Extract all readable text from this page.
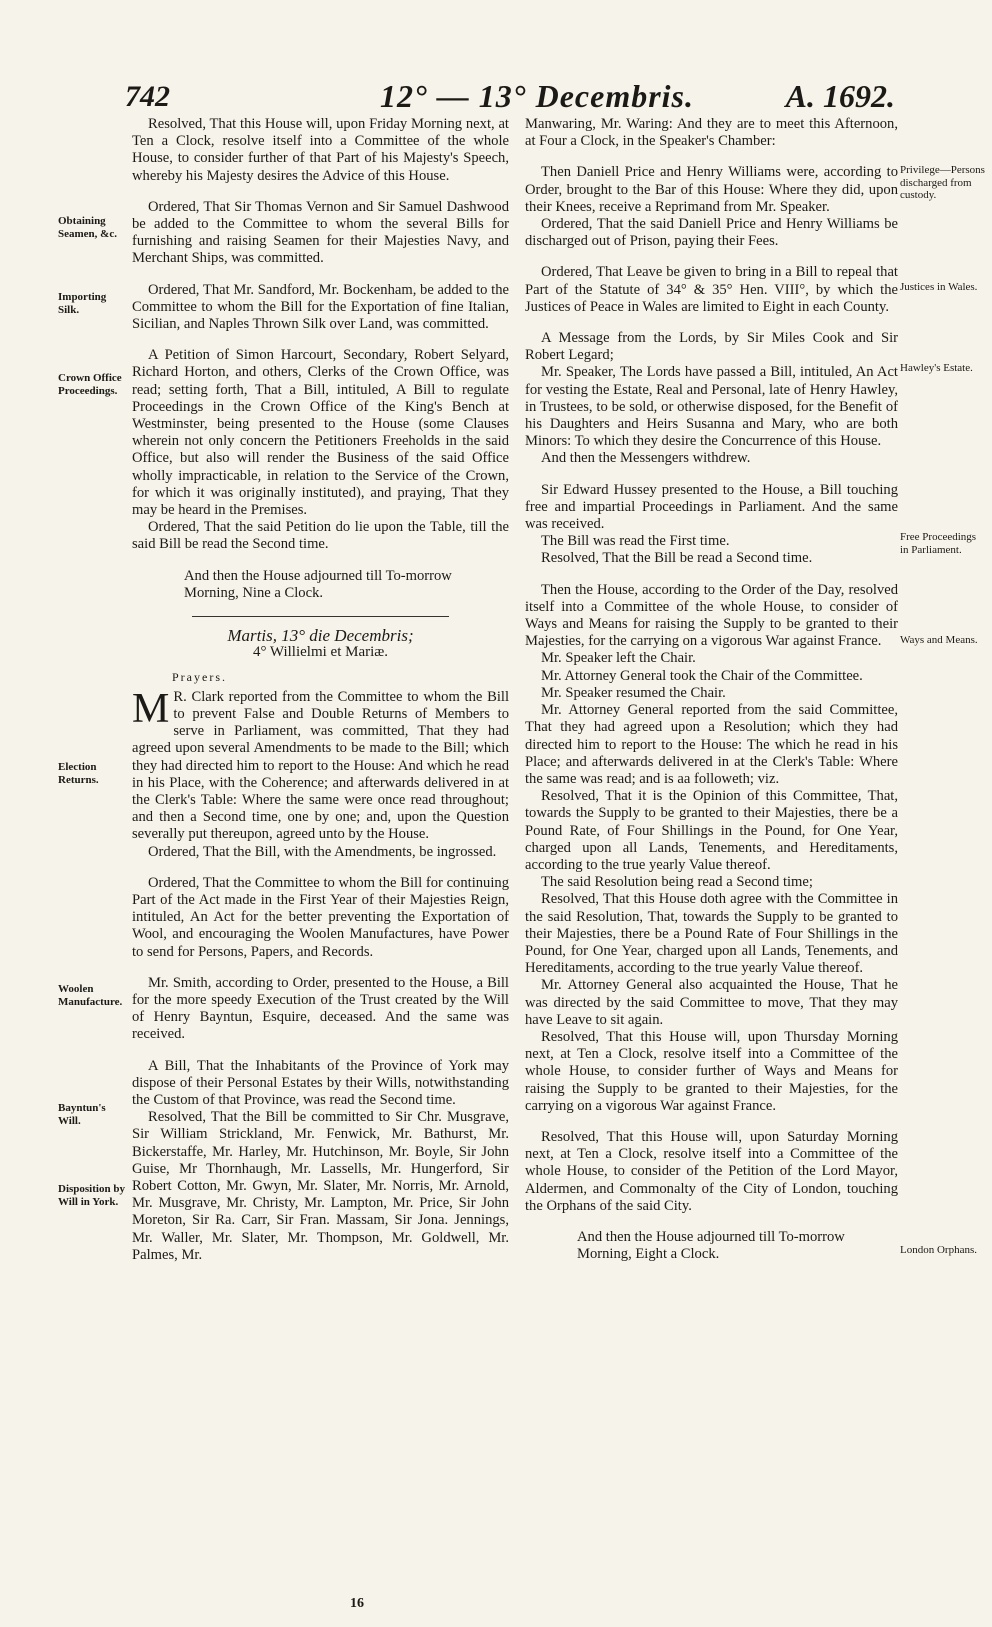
742	12° — 13° Decembris.	A. 1692.

Resolved, That this House will, upon Friday Morning next, at Ten a Clock, resolve itself into a Committee of the whole House, to consider further of that Part of his Majesty's Speech, whereby his Majesty desires the Advice of this House.

Ordered, That Sir Thomas Vernon and Sir Samuel Dashwood be added to the Committee to whom the several Bills for furnishing and raising Seamen for their Majesties Navy, and Merchant Ships, was committed.

Ordered, That Mr. Sandford, Mr. Bockenham, be added to the Committee to whom the Bill for the Exportation of fine Italian, Sicilian, and Naples Thrown Silk over Land, was committed.

A Petition of Simon Harcourt, Secondary, Robert Selyard, Richard Horton, and others, Clerks of the Crown Office, was read; setting forth, That a Bill, intituled, A Bill to regulate Proceedings in the Crown Office of the King's Bench at Westminster, being presented to the House (some Clauses wherein not only concern the Petitioners Freeholds in the said Office, but also will render the Business of the said Office wholly impracticable, in relation to the Service of the Crown, for which it was originally instituted), and praying, That they may be heard in the Premises.

Ordered, That the said Petition do lie upon the Table, till the said Bill be read the Second time.

And then the House adjourned till To-morrow Morning, Nine a Clock.

Martis, 13° die Decembris;
4° Willielmi et Mariæ.
Prayers.

M R. Clark reported from the Committee to whom the Bill to prevent False and Double Returns of Members to serve in Parliament, was committed, That they had agreed upon several Amendments to be made to the Bill; which they had directed him to report to the House: And which he read in his Place, with the Coherence; and afterwards delivered in at the Clerk's Table: Where the same were once read throughout; and then a Second time, one by one; and, upon the Question severally put thereupon, agreed unto by the House.

Ordered, That the Bill, with the Amendments, be ingrossed.

Ordered, That the Committee to whom the Bill for continuing Part of the Act made in the First Year of their Majesties Reign, intituled, An Act for the better preventing the Exportation of Wool, and encouraging the Woolen Manufactures, have Power to send for Persons, Papers, and Records.

Mr. Smith, according to Order, presented to the House, a Bill for the more speedy Execution of the Trust created by the Will of Henry Bayntun, Esquire, deceased. And the same was received.

A Bill, That the Inhabitants of the Province of York may dispose of their Personal Estates by their Wills, notwithstanding the Custom of that Province, was read the Second time.

Resolved, That the Bill be committed to Sir Chr. Musgrave, Sir William Strickland, Mr. Fenwick, Mr. Bathurst, Mr. Bickerstaffe, Mr. Harley, Mr. Hutchinson, Mr. Boyle, Sir John Guise, Mr Thornhaugh, Mr. Lassells, Mr. Hungerford, Sir Robert Cotton, Mr. Gwyn, Mr. Slater, Mr. Norris, Mr. Arnold, Mr. Musgrave, Mr. Christy, Mr. Lampton, Mr. Price, Sir John Moreton, Sir Ra. Carr, Sir Fran. Massam, Sir Jona. Jennings, Mr. Waller, Mr. Slater, Mr. Thompson, Mr. Goldwell, Mr. Palmes, Mr.

Manwaring, Mr. Waring: And they are to meet this Afternoon, at Four a Clock, in the Speaker's Chamber:

Then Daniell Price and Henry Williams were, according to Order, brought to the Bar of this House: Where they did, upon their Knees, receive a Reprimand from Mr. Speaker.

Ordered, That the said Daniell Price and Henry Williams be discharged out of Prison, paying their Fees.

Ordered, That Leave be given to bring in a Bill to repeal that Part of the Statute of 34° & 35° Hen. VIII°, by which the Justices of Peace in Wales are limited to Eight in each County.

A Message from the Lords, by Sir Miles Cook and Sir Robert Legard;

Mr. Speaker, The Lords have passed a Bill, intituled, An Act for vesting the Estate, Real and Personal, late of Henry Hawley, in Trustees, to be sold, or otherwise disposed, for the Benefit of his Daughters and Heirs Susanna and Mary, who are both Minors: To which they desire the Concurrence of this House.

And then the Messengers withdrew.

Sir Edward Hussey presented to the House, a Bill touching free and impartial Proceedings in Parliament. And the same was received.

The Bill was read the First time.

Resolved, That the Bill be read a Second time.

Then the House, according to the Order of the Day, resolved itself into a Committee of the whole House, to consider of Ways and Means for raising the Supply to be granted to their Majesties, for the carrying on a vigorous War against France.

Mr. Speaker left the Chair.

Mr. Attorney General took the Chair of the Committee.

Mr. Speaker resumed the Chair.

Mr. Attorney General reported from the said Committee, That they had agreed upon a Resolution; which they had directed him to report to the House: The which he read in his Place; and afterwards delivered in at the Clerk's Table: Where the same was read; and is aa followeth; viz.

Resolved, That it is the Opinion of this Committee, That, towards the Supply to be granted to their Majesties, there be a Pound Rate, of Four Shillings in the Pound, for One Year, charged upon all Lands, Tenements, and Hereditaments, according to the true yearly Value thereof.

The said Resolution being read a Second time;

Resolved, That this House doth agree with the Committee in the said Resolution, That, towards the Supply to be granted to their Majesties, there be a Pound Rate of Four Shillings in the Pound, for One Year, charged upon all Lands, Tenements, and Hereditaments, according to the true yearly Value thereof.

Mr. Attorney General also acquainted the House, That he was directed by the said Committee to move, That they may have Leave to sit again.

Resolved, That this House will, upon Thursday Morning next, at Ten a Clock, resolve itself into a Committee of the whole House, to consider further of Ways and Means for raising the Supply to be granted to their Majesties, for the carrying on a vigorous War against France.

Resolved, That this House will, upon Saturday Morning next, at Ten a Clock, resolve itself into a Committee of the whole House, to consider of the Petition of the Lord Mayor, Aldermen, and Commonalty of the City of London, touching the Orphans of the said City.

And then the House adjourned till To-morrow Morning, Eight a Clock.

Obtaining Seamen, &c.
Importing Silk.
Crown Office Proceedings.
Election Returns.
Woolen Manufacture.
Bayntun's Will.
Disposition by Will in York.
Privilege—Persons discharged from custody.
Justices in Wales.
Hawley's Estate.
Free Proceedings in Parliament.
Ways and Means.
London Orphans.
16
